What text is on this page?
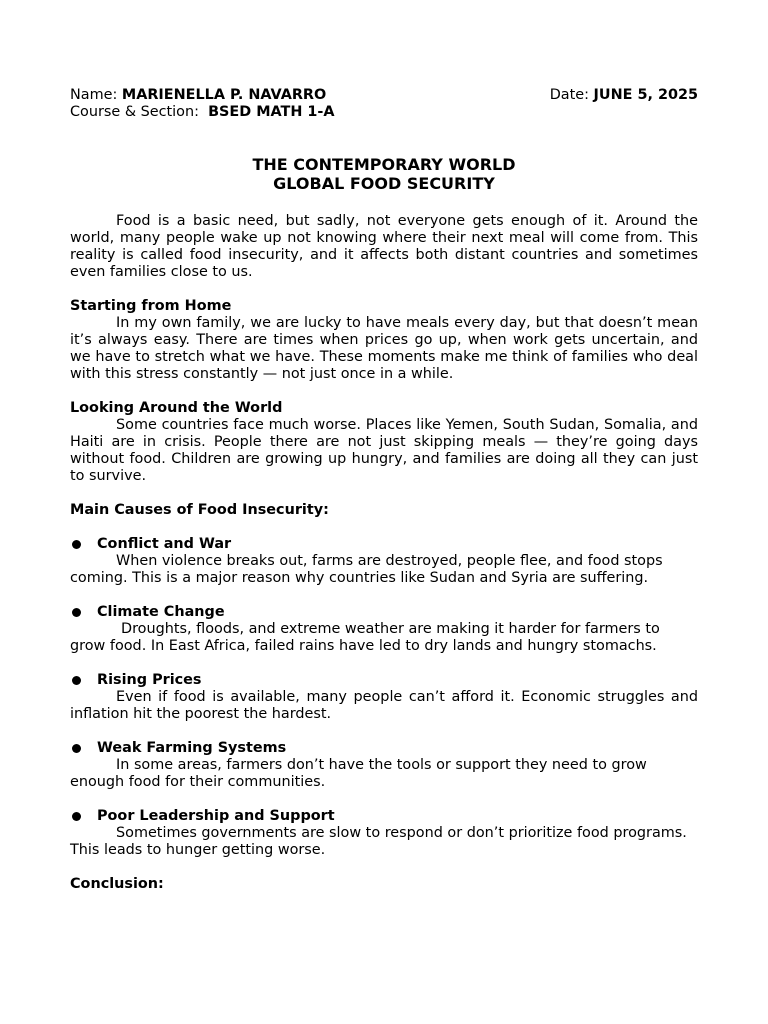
Name: MARIENELLA P. NAVARRO	Date: JUNE 5, 2025
Course & Section:  BSED MATH 1-A
THE CONTEMPORARY WORLD
GLOBAL FOOD SECURITY
Food is a basic need, but sadly, not everyone gets enough of it. Around the world, many people wake up not knowing where their next meal will come from. This reality is called food insecurity, and it affects both distant countries and sometimes even families close to us.
Starting from Home
In my own family, we are lucky to have meals every day, but that doesn’t mean it’s always easy. There are times when prices go up, when work gets uncertain, and we have to stretch what we have. These moments make me think of families who deal with this stress constantly — not just once in a while.
Looking Around the World
Some countries face much worse. Places like Yemen, South Sudan, Somalia, and Haiti are in crisis. People there are not just skipping meals — they’re going days without food. Children are growing up hungry, and families are doing all they can just to survive.
Main Causes of Food Insecurity:
Conflict and War
When violence breaks out, farms are destroyed, people flee, and food stops coming. This is a major reason why countries like Sudan and Syria are suffering.
Climate Change
Droughts, floods, and extreme weather are making it harder for farmers to grow food. In East Africa, failed rains have led to dry lands and hungry stomachs.
Rising Prices
Even if food is available, many people can’t afford it. Economic struggles and inflation hit the poorest the hardest.
Weak Farming Systems
In some areas, farmers don’t have the tools or support they need to grow enough food for their communities.
Poor Leadership and Support
Sometimes governments are slow to respond or don’t prioritize food programs. This leads to hunger getting worse.
Conclusion:
